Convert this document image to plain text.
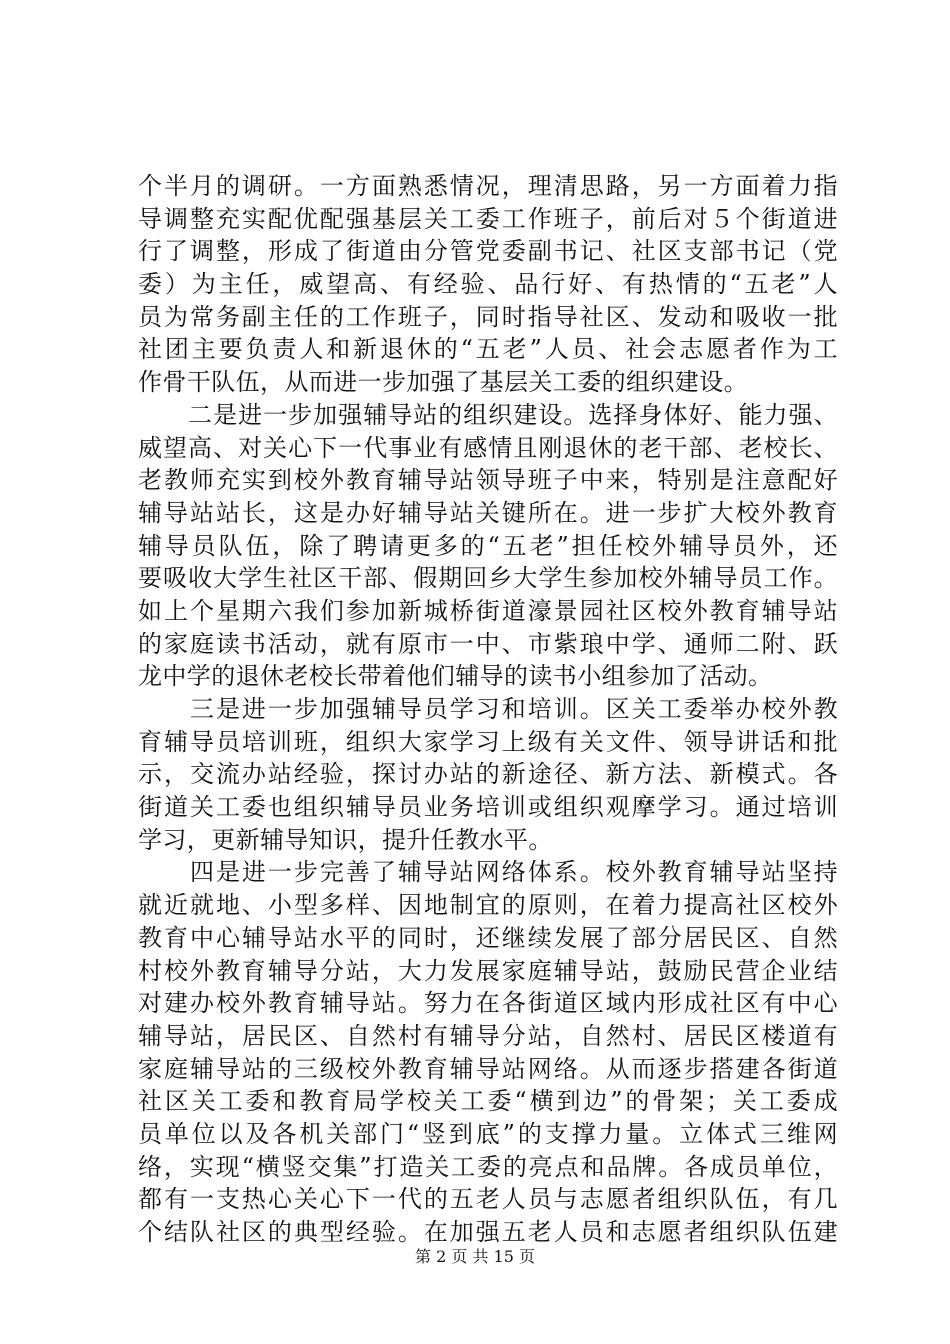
个半月的调研。一方面熟悉情况，理清思路，另一方面着力指
导调整充实配优配强基层关工委工作班子，前后对５个街道进
行了调整，形成了街道由分管党委副书记、社区支部书记（党
委）为主任，威望高、有经验、品行好、有热情的“五老”人
员为常务副主任的工作班子，同时指导社区、发动和吸收一批
社团主要负责人和新退休的“五老”人员、社会志愿者作为工
作骨干队伍，从而进一步加强了基层关工委的组织建设。
　　二是进一步加强辅导站的组织建设。选择身体好、能力强、
威望高、对关心下一代事业有感情且刚退休的老干部、老校长、
老教师充实到校外教育辅导站领导班子中来，特别是注意配好
辅导站站长，这是办好辅导站关键所在。进一步扩大校外教育
辅导员队伍，除了聘请更多的“五老”担任校外辅导员外，还
要吸收大学生社区干部、假期回乡大学生参加校外辅导员工作。
如上个星期六我们参加新城桥街道濠景园社区校外教育辅导站
的家庭读书活动，就有原市一中、市紫琅中学、通师二附、跃
龙中学的退休老校长带着他们辅导的读书小组参加了活动。
　　三是进一步加强辅导员学习和培训。区关工委举办校外教
育辅导员培训班，组织大家学习上级有关文件、领导讲话和批
示，交流办站经验，探讨办站的新途径、新方法、新模式。各
街道关工委也组织辅导员业务培训或组织观摩学习。通过培训
学习，更新辅导知识，提升任教水平。
　　四是进一步完善了辅导站网络体系。校外教育辅导站坚持
就近就地、小型多样、因地制宜的原则，在着力提高社区校外
教育中心辅导站水平的同时，还继续发展了部分居民区、自然
村校外教育辅导分站，大力发展家庭辅导站，鼓励民营企业结
对建办校外教育辅导站。努力在各街道区域内形成社区有中心
辅导站，居民区、自然村有辅导分站，自然村、居民区楼道有
家庭辅导站的三级校外教育辅导站网络。从而逐步搭建各街道
社区关工委和教育局学校关工委“横到边”的骨架；关工委成
员单位以及各机关部门“竖到底”的支撑力量。立体式三维网
络，实现“横竖交集”打造关工委的亮点和品牌。各成员单位，
都有一支热心关心下一代的五老人员与志愿者组织队伍，有几
个结队社区的典型经验。在加强五老人员和志愿者组织队伍建
第 2 页 共 15 页
